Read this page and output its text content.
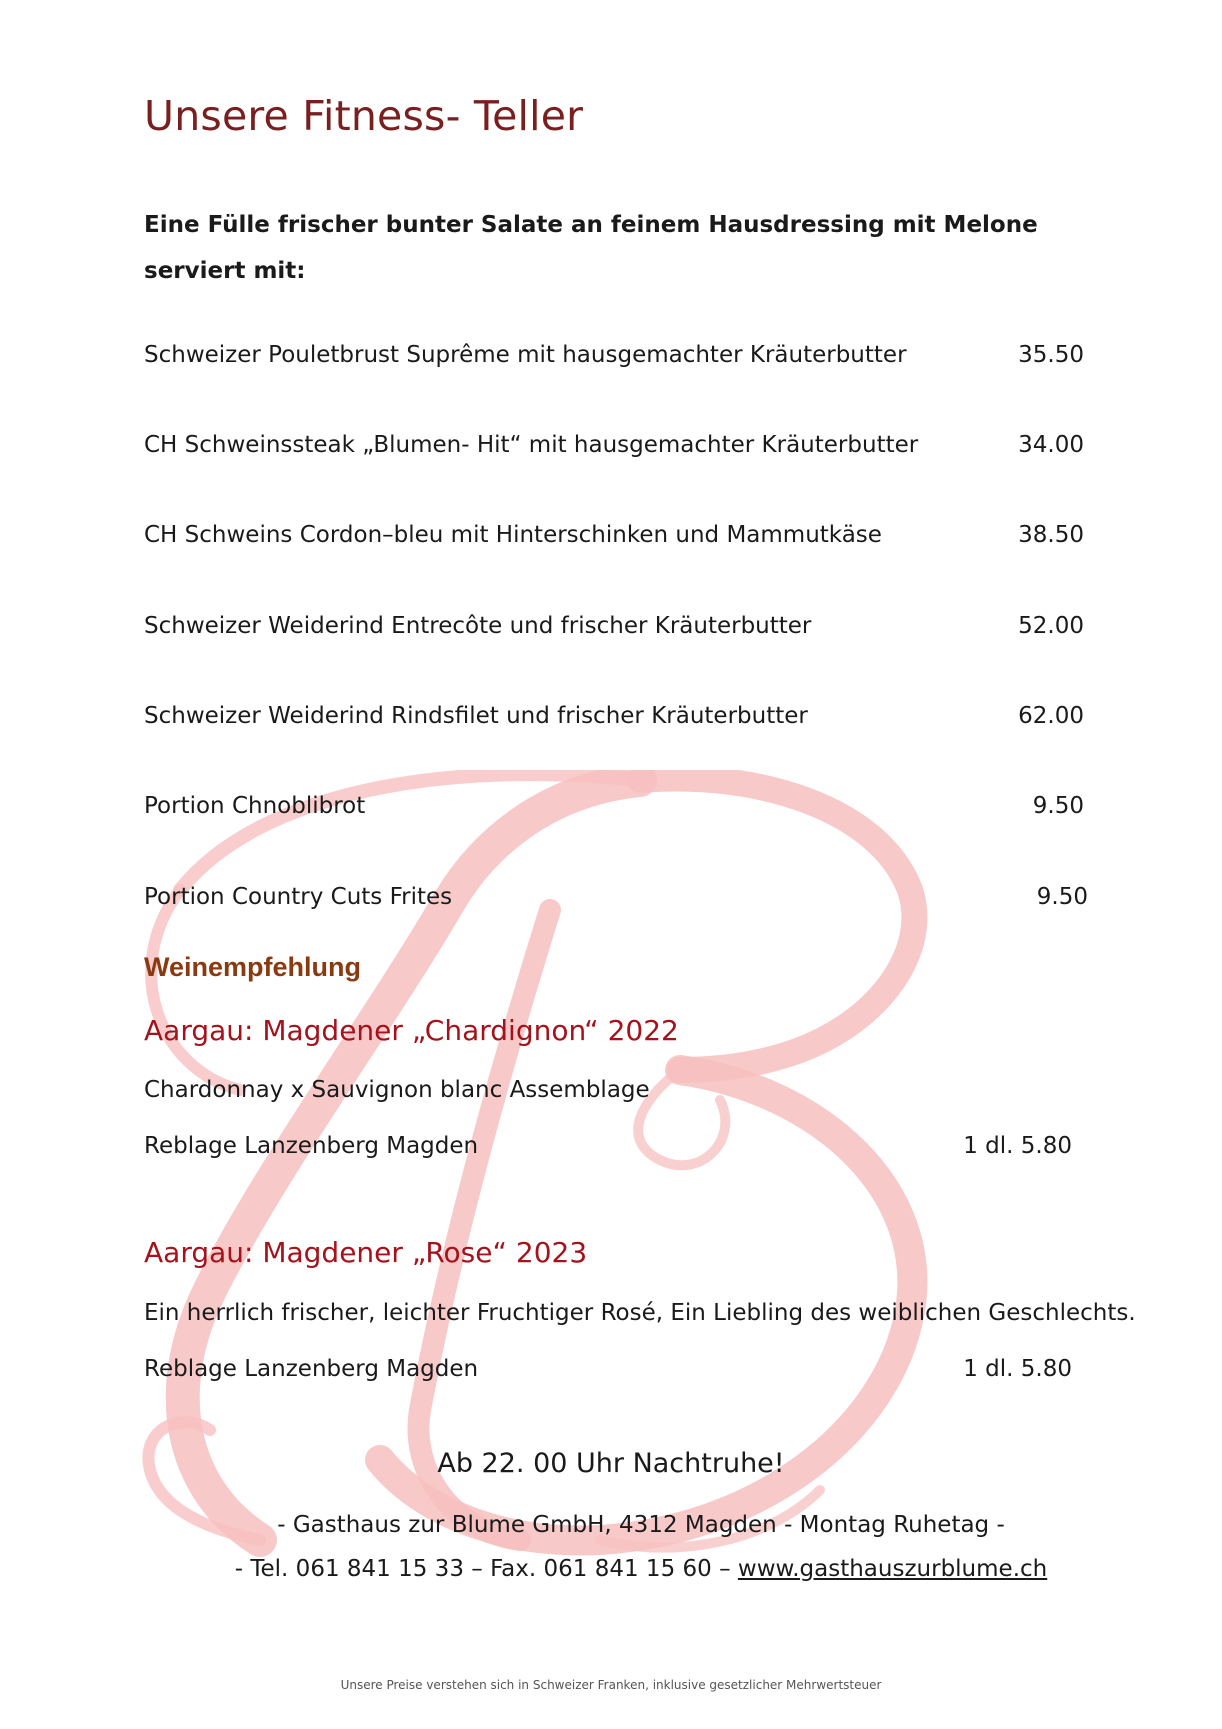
Unsere Fitness- Teller
Eine Fülle frischer bunter Salate an feinem Hausdressing mit Melone
serviert mit:
Schweizer Pouletbrust Suprême mit hausgemachter Kräuterbutter	35.50
CH Schweinssteak „Blumen- Hit“ mit hausgemachter Kräuterbutter	34.00
CH Schweins Cordon–bleu mit Hinterschinken und Mammutkäse	38.50
Schweizer Weiderind Entrecôte und frischer Kräuterbutter	52.00
Schweizer Weiderind Rindsfilet und frischer Kräuterbutter	62.00
Portion Chnoblibrot	9.50
Portion Country Cuts Frites	9.50
Weinempfehlung
Aargau: Magdener „Chardignon“ 2022
Chardonnay x Sauvignon blanc Assemblage
Reblage Lanzenberg Magden	1 dl. 5.80
Aargau: Magdener „Rose“ 2023
Ein herrlich frischer, leichter Fruchtiger Rosé, Ein Liebling des weiblichen Geschlechts.
Reblage Lanzenberg Magden	1 dl. 5.80
Ab 22. 00 Uhr Nachtruhe!
- Gasthaus zur Blume GmbH, 4312 Magden - Montag Ruhetag -
- Tel. 061 841 15 33 – Fax. 061 841 15 60 – www.gasthauszurblume.ch
Unsere Preise verstehen sich in Schweizer Franken, inklusive gesetzlicher Mehrwertsteuer
